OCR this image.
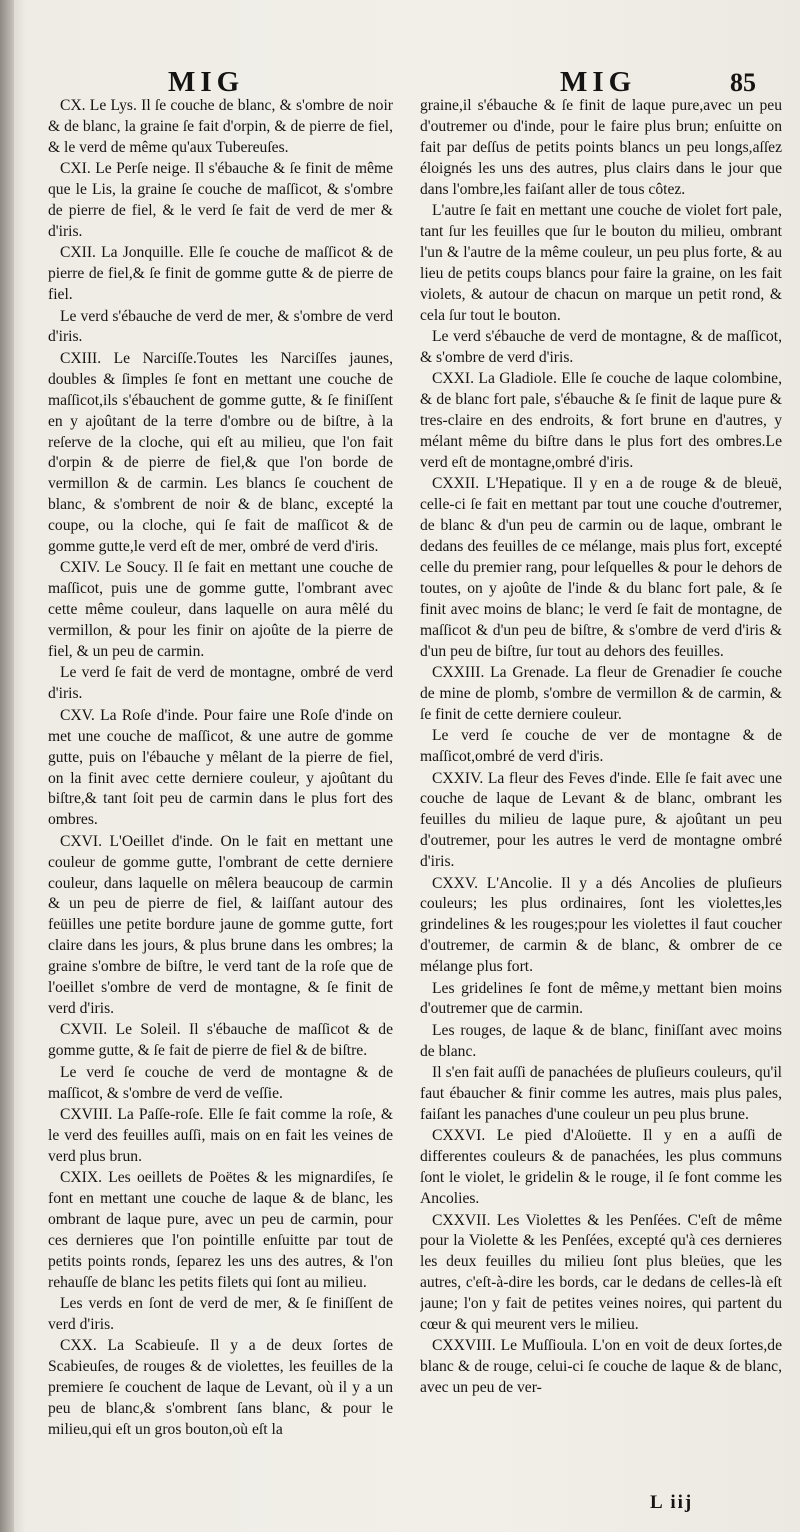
MIG	MIG	85

CX. Le Lys. Il ſe couche de blanc, & s'ombre de noir & de blanc, la graine ſe fait d'orpin, & de pierre de fiel, & le verd de même qu'aux Tubereuſes.

CXI. Le Perſe neige. Il s'ébauche & ſe finit de même que le Lis, la graine ſe couche de maſſicot, & s'ombre de pierre de fiel, & le verd ſe fait de verd de mer & d'iris.

CXII. La Jonquille. Elle ſe couche de maſſicot & de pierre de fiel,& ſe finit de gomme gutte & de pierre de fiel.

Le verd s'ébauche de verd de mer, & s'ombre de verd d'iris.

CXIII. Le Narciſſe.Toutes les Narciſſes jaunes, doubles & ſimples ſe font en mettant une couche de maſſicot,ils s'ébauchent de gomme gutte, & ſe finiſſent en y ajoûtant de la terre d'ombre ou de biſtre, à la reſerve de la cloche, qui eſt au milieu, que l'on fait d'orpin & de pierre de fiel,& que l'on borde de vermillon & de carmin. Les blancs ſe couchent de blanc, & s'ombrent de noir & de blanc, excepté la coupe, ou la cloche, qui ſe fait de maſſicot & de gomme gutte,le verd eſt de mer, ombré de verd d'iris.

CXIV. Le Soucy. Il ſe fait en mettant une couche de maſſicot, puis une de gomme gutte, l'ombrant avec cette même couleur, dans laquelle on aura mêlé du vermillon, & pour les finir on ajoûte de la pierre de fiel, & un peu de carmin.

Le verd ſe fait de verd de montagne, ombré de verd d'iris.

CXV. La Roſe d'inde. Pour faire une Roſe d'inde on met une couche de maſſicot, & une autre de gomme gutte, puis on l'ébauche y mêlant de la pierre de fiel, on la finit avec cette derniere couleur, y ajoûtant du biſtre,& tant ſoit peu de carmin dans le plus fort des ombres.

CXVI. L'Oeillet d'inde. On le fait en mettant une couleur de gomme gutte, l'ombrant de cette derniere couleur, dans laquelle on mêlera beaucoup de carmin & un peu de pierre de fiel, & laiſſant autour des feüilles une petite bordure jaune de gomme gutte, fort claire dans les jours, & plus brune dans les ombres; la graine s'ombre de biſtre, le verd tant de la roſe que de l'oeillet s'ombre de verd de montagne, & ſe finit de verd d'iris.

CXVII. Le Soleil. Il s'ébauche de maſſicot & de gomme gutte, & ſe fait de pierre de fiel & de biſtre.

Le verd ſe couche de verd de montagne & de maſſicot, & s'ombre de verd de veſſie.

CXVIII. La Paſſe-roſe. Elle ſe fait comme la roſe, & le verd des feuilles auſſi, mais on en fait les veines de verd plus brun.

CXIX. Les oeillets de Poëtes & les mignardiſes, ſe font en mettant une couche de laque & de blanc, les ombrant de laque pure, avec un peu de carmin, pour ces dernieres que l'on pointille enſuitte par tout de petits points ronds, ſeparez les uns des autres, & l'on rehauſſe de blanc les petits filets qui ſont au milieu.

Les verds en ſont de verd de mer, & ſe finiſſent de verd d'iris.

CXX. La Scabieuſe. Il y a de deux ſortes de Scabieuſes, de rouges & de violettes, les feuilles de la premiere ſe couchent de laque de Levant, où il y a un peu de blanc,& s'ombrent ſans blanc, & pour le milieu,qui eſt un gros bouton,où eſt la

graine,il s'ébauche & ſe finit de laque pure,avec un peu d'outremer ou d'inde, pour le faire plus brun; enſuitte on fait par deſſus de petits points blancs un peu longs,aſſez éloignés les uns des autres, plus clairs dans le jour que dans l'ombre,les faiſant aller de tous côtez.

L'autre ſe fait en mettant une couche de violet fort pale, tant ſur les feuilles que ſur le bouton du milieu, ombrant l'un & l'autre de la même couleur, un peu plus forte, & au lieu de petits coups blancs pour faire la graine, on les fait violets, & autour de chacun on marque un petit rond, & cela ſur tout le bouton.

Le verd s'ébauche de verd de montagne, & de maſſicot, & s'ombre de verd d'iris.

CXXI. La Gladiole. Elle ſe couche de laque colombine, & de blanc fort pale, s'ébauche & ſe finit de laque pure & tres-claire en des endroits, & fort brune en d'autres, y mélant même du biſtre dans le plus fort des ombres.Le verd eſt de montagne,ombré d'iris.

CXXII. L'Hepatique. Il y en a de rouge & de bleuë, celle-ci ſe fait en mettant par tout une couche d'outremer, de blanc & d'un peu de carmin ou de laque, ombrant le dedans des feuilles de ce mélange, mais plus fort, excepté celle du premier rang, pour leſquelles & pour le dehors de toutes, on y ajoûte de l'inde & du blanc fort pale, & ſe finit avec moins de blanc; le verd ſe fait de montagne, de maſſicot & d'un peu de biſtre, & s'ombre de verd d'iris & d'un peu de biſtre, ſur tout au dehors des feuilles.

CXXIII. La Grenade. La fleur de Grenadier ſe couche de mine de plomb, s'ombre de vermillon & de carmin, & ſe finit de cette derniere couleur.

Le verd ſe couche de ver de montagne & de maſſicot,ombré de verd d'iris.

CXXIV. La fleur des Feves d'inde. Elle ſe fait avec une couche de laque de Levant & de blanc, ombrant les feuilles du milieu de laque pure, & ajoûtant un peu d'outremer, pour les autres le verd de montagne ombré d'iris.

CXXV. L'Ancolie. Il y a dés Ancolies de pluſieurs couleurs; les plus ordinaires, ſont les violettes,les grindelines & les rouges;pour les violettes il faut coucher d'outremer, de carmin & de blanc, & ombrer de ce mélange plus fort.

Les gridelines ſe font de même,y mettant bien moins d'outremer que de carmin.

Les rouges, de laque & de blanc, finiſſant avec moins de blanc.

Il s'en fait auſſi de panachées de pluſieurs couleurs, qu'il faut ébaucher & finir comme les autres, mais plus pales, faiſant les panaches d'une couleur un peu plus brune.

CXXVI. Le pied d'Aloüette. Il y en a auſſi de differentes couleurs & de panachées, les plus communs ſont le violet, le gridelin & le rouge, il ſe font comme les Ancolies.

CXXVII. Les Violettes & les Penſées. C'eſt de même pour la Violette & les Penſées, excepté qu'à ces dernieres les deux feuilles du milieu ſont plus bleües, que les autres, c'eſt-à-dire les bords, car le dedans de celles-là eſt jaune; l'on y fait de petites veines noires, qui partent du cœur & qui meurent vers le milieu.

CXXVIII. Le Muſſioula. L'on en voit de deux ſortes,de blanc & de rouge, celui-ci ſe couche de laque & de blanc, avec un peu de ver-

L iij
